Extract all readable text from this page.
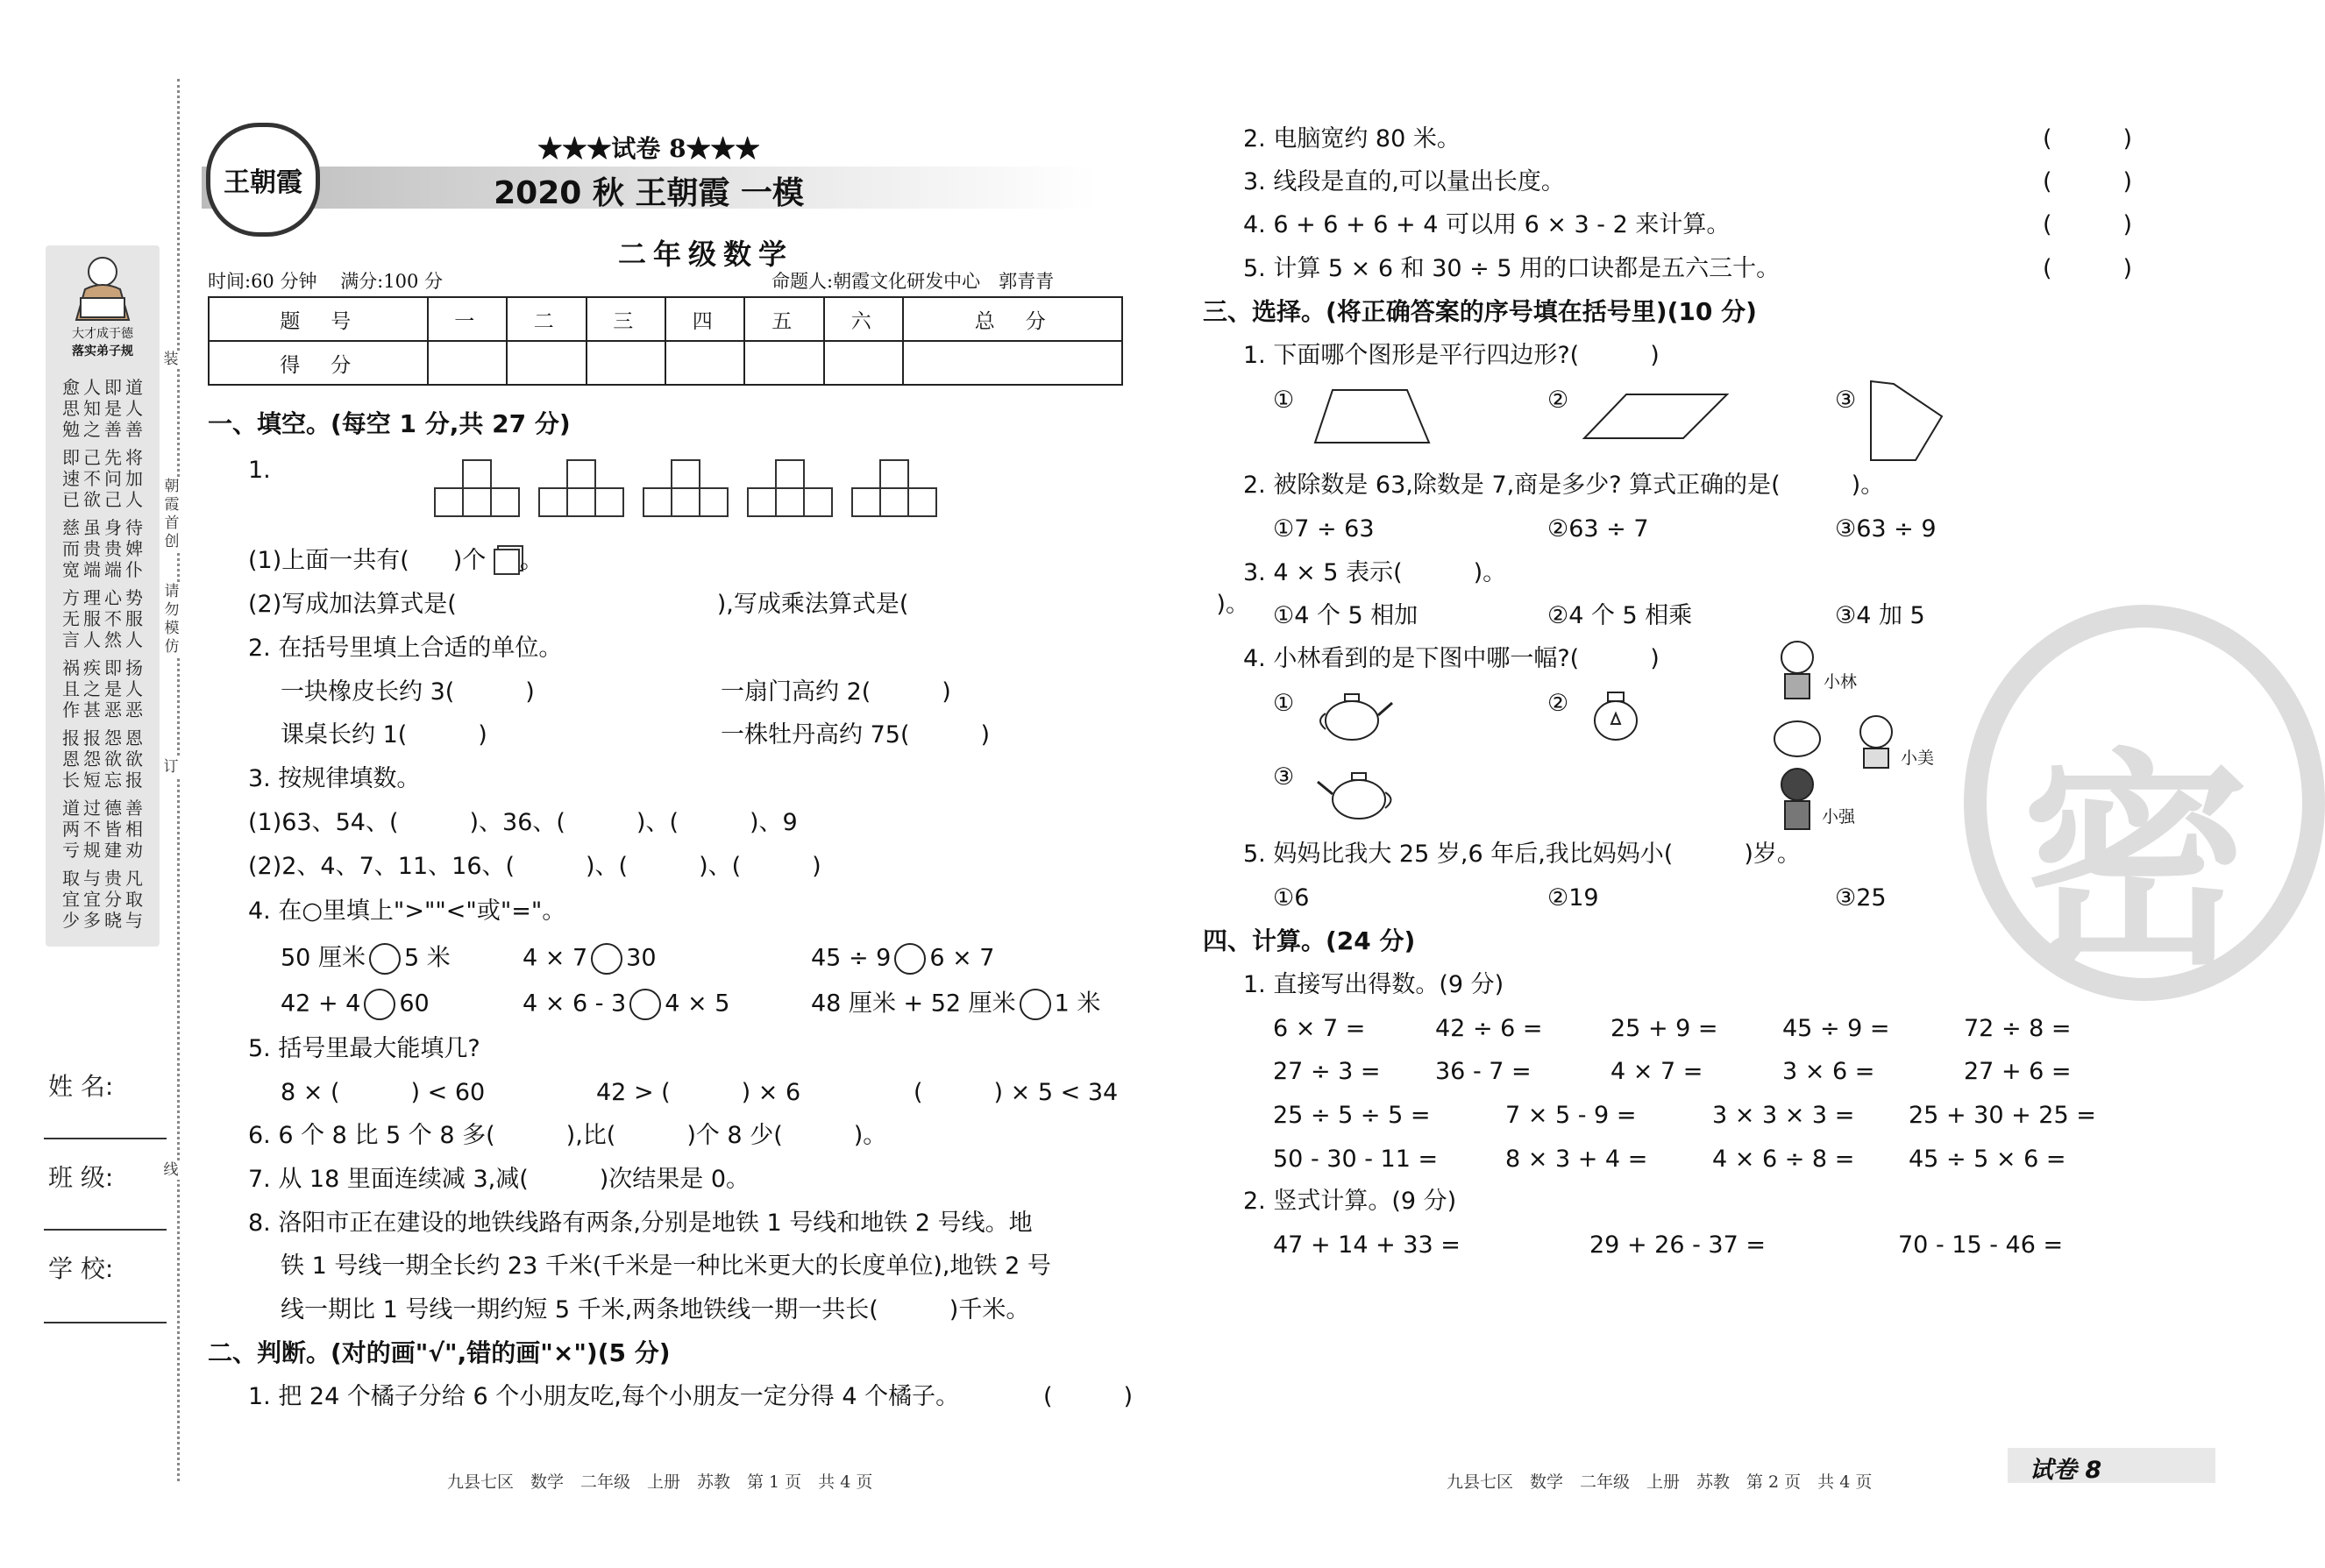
装
朝霞首创
请勿模仿
订
线
大才成于德
落实弟子规
道人善
即是善
人知之
愈思勉
将加人
先问己
己不欲
即速已
待婢仆
身贵端
虽贵端
慈而宽
势服人
心不然
理服人
方无言
扬人恶
即是恶
疾之甚
祸且作
恩欲报
怨欲忘
报怨短
报恩长
善相劝
德皆建
过不规
道两亏
凡取与
贵分晓
与宜多
取宜少
姓 名:
班 级:
学 校:
★★★试卷 8★★★
2020 秋 王朝霞 一模
王朝霞
二年级数学
时间:60 分钟 满分:100 分	命题人:朝霞文化研发中心　郭青青
题　号	一	二	三	四	五	六	总　分
得　分							
一、填空。(每空 1 分,共 27 分)
1.
(1)上面一共有( )个 。
(2)写成加法算式是(　　　　　　　　　　　),写成乘法算式是(　　　　　　　　　　　　　)。
2. 在括号里填上合适的单位。
一块橡皮长约 3(　　　)	一扇门高约 2(　　　)
课桌长约 1(　　　)	一株牡丹高约 75(　　　)
3. 按规律填数。
(1)63、54、(　　　)、36、(　　　)、(　　　)、9
(2)2、4、7、11、16、(　　　)、(　　　)、(　　　)
4. 在○里填上">""<"或"="。
50 厘米 5 米	4 × 7 30	45 ÷ 9 6 × 7
42 + 4 60	4 × 6 - 3 4 × 5	48 厘米 + 52 厘米 1 米
5. 括号里最大能填几?
8 × (　　　) < 60	42 > (　　　) × 6	(　　　) × 5 < 34
6. 6 个 8 比 5 个 8 多(　　　),比(　　　)个 8 少(　　　)。
7. 从 18 里面连续减 3,减(　　　)次结果是 0。
8. 洛阳市正在建设的地铁线路有两条,分别是地铁 1 号线和地铁 2 号线。地
铁 1 号线一期全长约 23 千米(千米是一种比米更大的长度单位),地铁 2 号
线一期比 1 号线一期约短 5 千米,两条地铁线一期一共长(　　　)千米。
二、判断。(对的画"√",错的画"×")(5 分)
1. 把 24 个橘子分给 6 个小朋友吃,每个小朋友一定分得 4 个橘子。	(　　　)
九县七区　数学　二年级　上册　苏教　第 1 页　共 4 页
密
2. 电脑宽约 80 米。	(　　　)
3. 线段是直的,可以量出长度。	(　　　)
4. 6 + 6 + 6 + 4 可以用 6 × 3 - 2 来计算。	(　　　)
5. 计算 5 × 6 和 30 ÷ 5 用的口诀都是五六三十。	(　　　)
三、选择。(将正确答案的序号填在括号里)(10 分)
1. 下面哪个图形是平行四边形?(　　　)
①	②	③
2. 被除数是 63,除数是 7,商是多少? 算式正确的是(　　　)。
①7 ÷ 63	②63 ÷ 7	③63 ÷ 9
3. 4 × 5 表示(　　　)。
①4 个 5 相加	②4 个 5 相乘	③4 加 5
4. 小林看到的是下图中哪一幅?(　　　)
①	②
③
小林
小美
小强
5. 妈妈比我大 25 岁,6 年后,我比妈妈小(　　　)岁。
①6	②19	③25
四、计算。(24 分)
1. 直接写出得数。(9 分)
6 × 7 =	42 ÷ 6 =	25 + 9 =	45 ÷ 9 =	72 ÷ 8 =
27 ÷ 3 = 36 - 7 =	4 × 7 =	3 × 6 =	27 + 6 =
25 ÷ 5 ÷ 5 =	7 × 5 - 9 =	3 × 3 × 3 = 25 + 30 + 25 =
50 - 30 - 11 =	8 × 3 + 4 =	4 × 6 ÷ 8 = 45 ÷ 5 × 6 =
2. 竖式计算。(9 分)
47 + 14 + 33 =	29 + 26 - 37 =	70 - 15 - 46 =
九县七区　数学　二年级　上册　苏教　第 2 页　共 4 页	试卷 8
